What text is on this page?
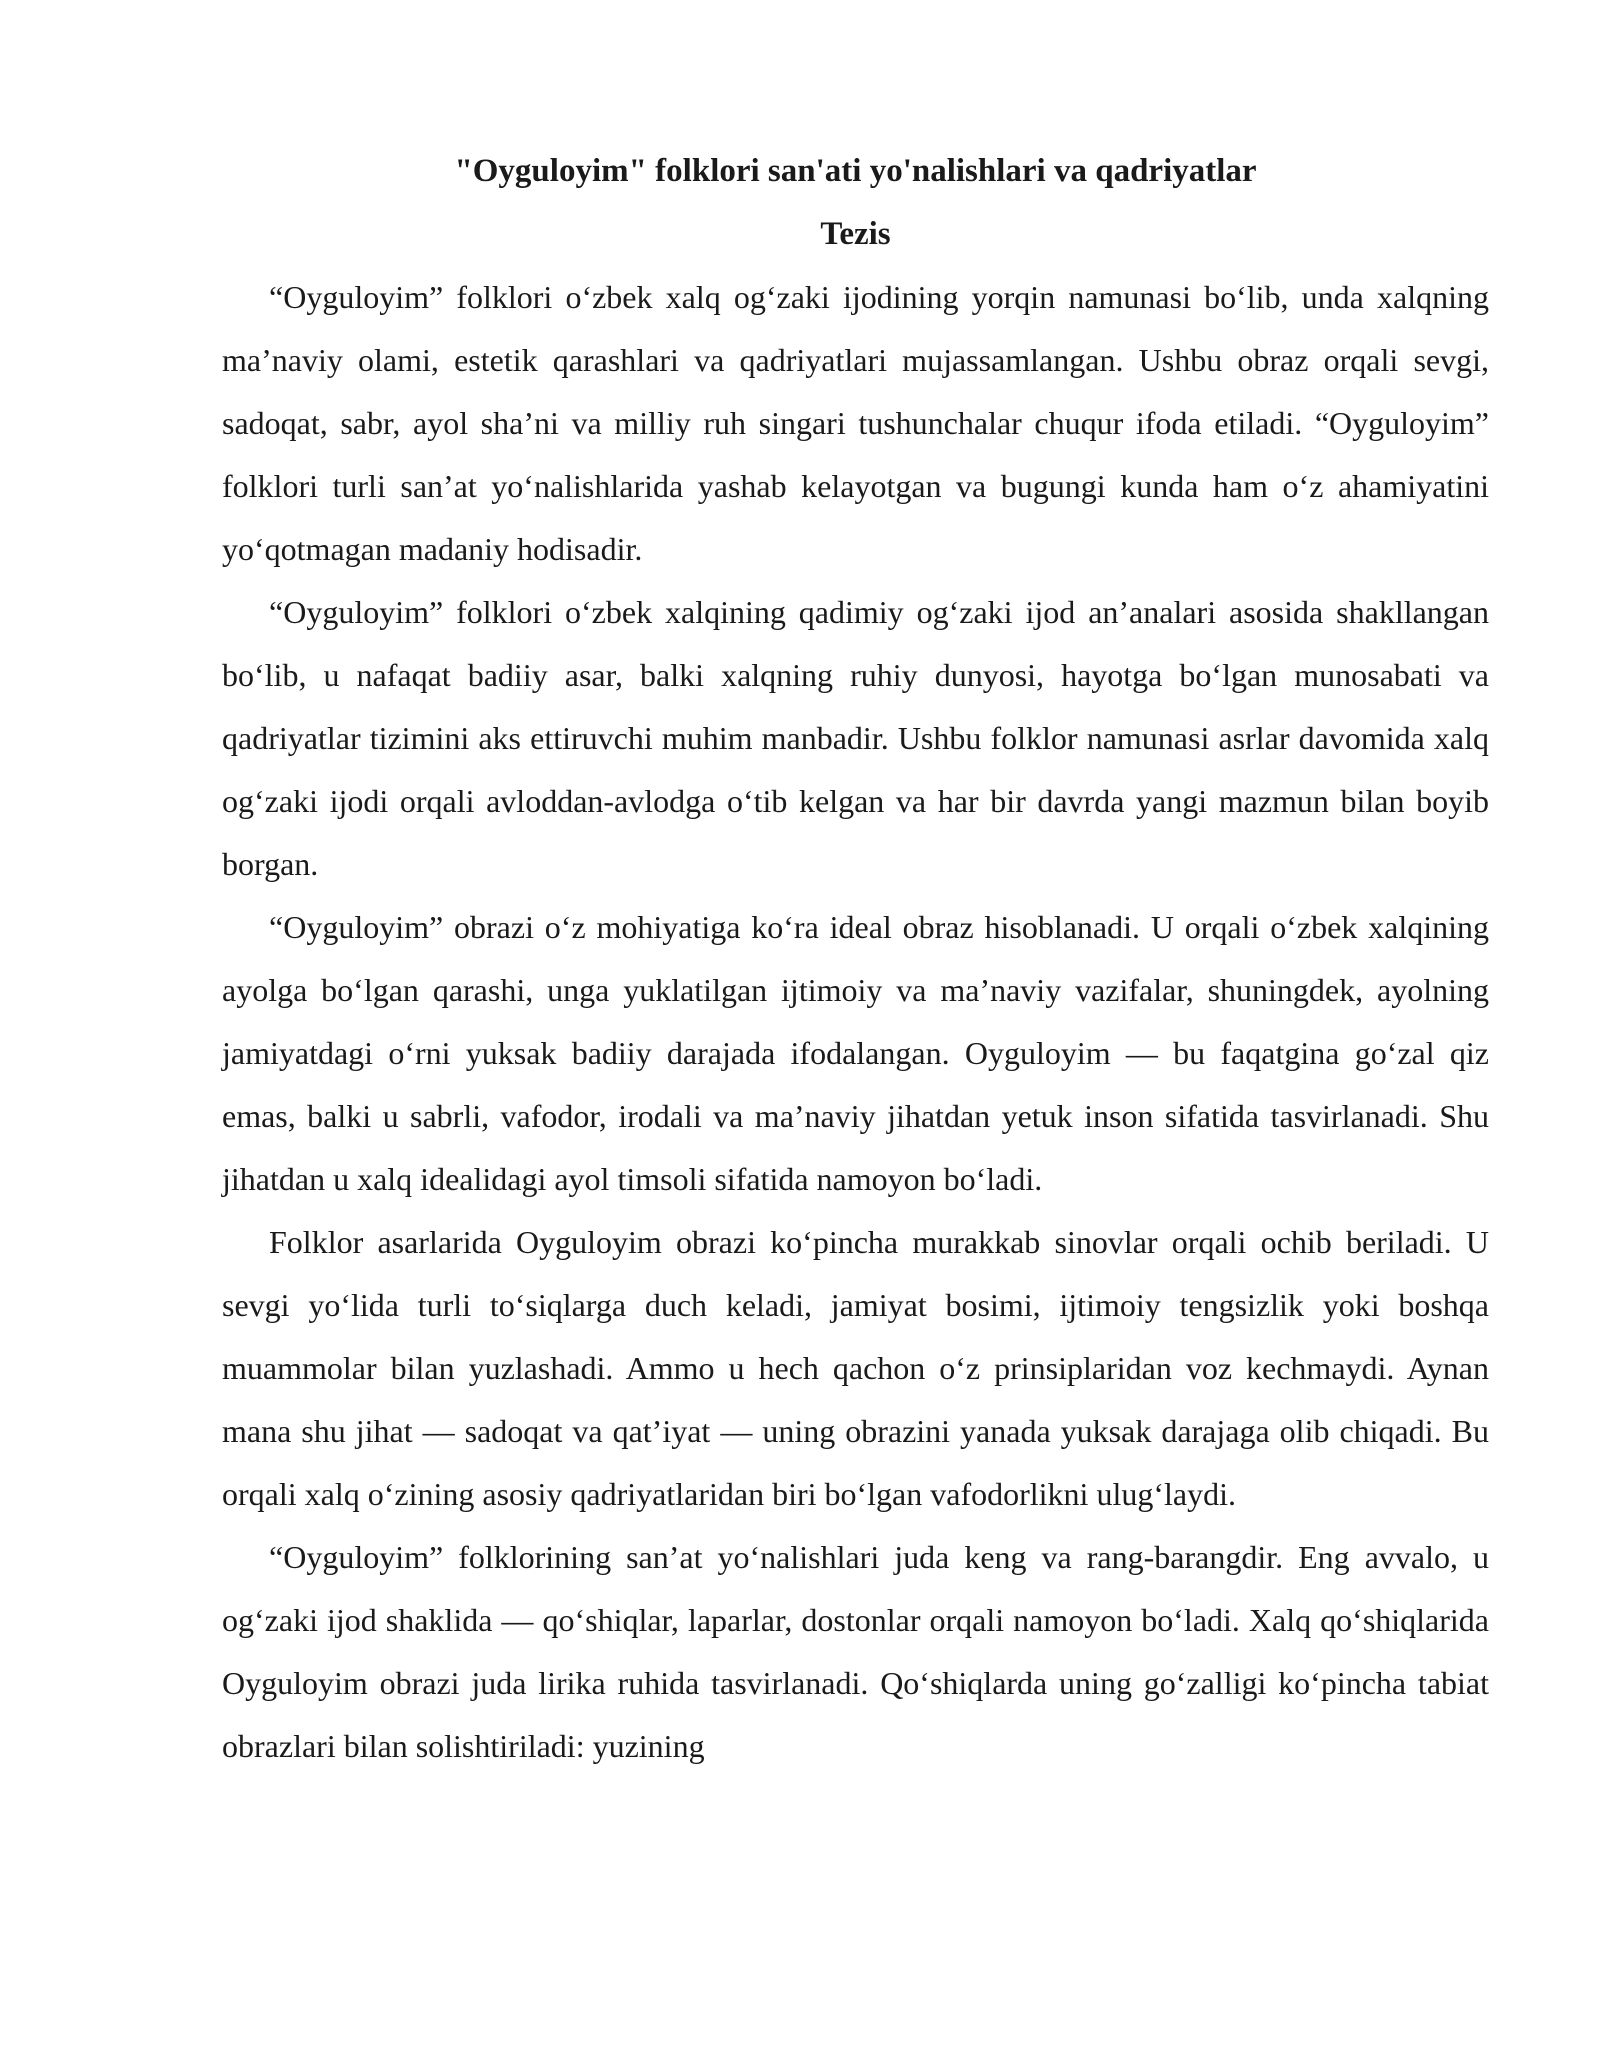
"Oyguloyim" folklori san'ati yo'nalishlari va qadriyatlar
Tezis

“Oyguloyim” folklori o‘zbek xalq og‘zaki ijodining yorqin namunasi bo‘lib, unda xalqning ma’naviy olami, estetik qarashlari va qadriyatlari mujassamlangan. Ushbu obraz orqali sevgi, sadoqat, sabr, ayol sha’ni va milliy ruh singari tushunchalar chuqur ifoda etiladi. “Oyguloyim” folklori turli san’at yo‘nalishlarida yashab kelayotgan va bugungi kunda ham o‘z ahamiyatini yo‘qotmagan madaniy hodisadir.

“Oyguloyim” folklori o‘zbek xalqining qadimiy og‘zaki ijod an’analari asosida shakllangan bo‘lib, u nafaqat badiiy asar, balki xalqning ruhiy dunyosi, hayotga bo‘lgan munosabati va qadriyatlar tizimini aks ettiruvchi muhim manbadir. Ushbu folklor namunasi asrlar davomida xalq og‘zaki ijodi orqali avloddan-avlodga o‘tib kelgan va har bir davrda yangi mazmun bilan boyib borgan.

“Oyguloyim” obrazi o‘z mohiyatiga ko‘ra ideal obraz hisoblanadi. U orqali o‘zbek xalqining ayolga bo‘lgan qarashi, unga yuklatilgan ijtimoiy va ma’naviy vazifalar, shuningdek, ayolning jamiyatdagi o‘rni yuksak badiiy darajada ifodalangan. Oyguloyim — bu faqatgina go‘zal qiz emas, balki u sabrli, vafodor, irodali va ma’naviy jihatdan yetuk inson sifatida tasvirlanadi. Shu jihatdan u xalq idealidagi ayol timsoli sifatida namoyon bo‘ladi.

Folklor asarlarida Oyguloyim obrazi ko‘pincha murakkab sinovlar orqali ochib beriladi. U sevgi yo‘lida turli to‘siqlarga duch keladi, jamiyat bosimi, ijtimoiy tengsizlik yoki boshqa muammolar bilan yuzlashadi. Ammo u hech qachon o‘z prinsiplaridan voz kechmaydi. Aynan mana shu jihat — sadoqat va qat’iyat — uning obrazini yanada yuksak darajaga olib chiqadi. Bu orqali xalq o‘zining asosiy qadriyatlaridan biri bo‘lgan vafodorlikni ulug‘laydi.

“Oyguloyim” folklorining san’at yo‘nalishlari juda keng va rang-barangdir. Eng avvalo, u og‘zaki ijod shaklida — qo‘shiqlar, laparlar, dostonlar orqali namoyon bo‘ladi. Xalq qo‘shiqlarida Oyguloyim obrazi juda lirika ruhida tasvirlanadi. Qo‘shiqlarda uning go‘zalligi ko‘pincha tabiat obrazlari bilan solishtiriladi: yuzining
